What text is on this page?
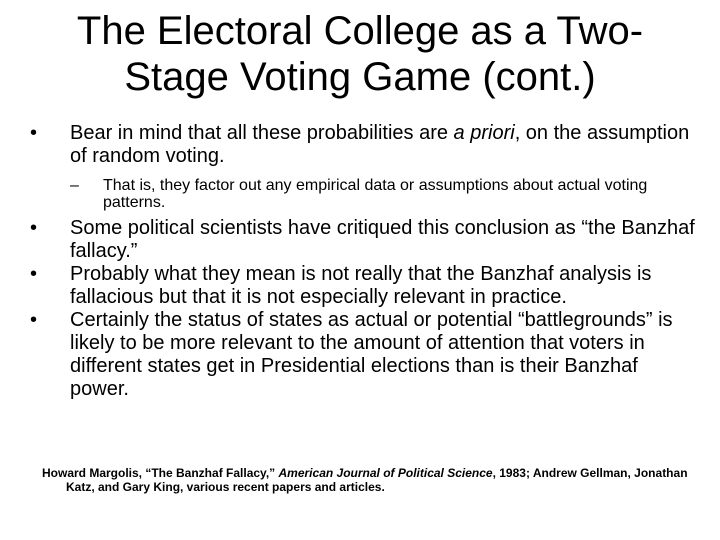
The Electoral College as a Two-Stage Voting Game (cont.)
• Bear in mind that all these probabilities are a priori, on the assumption of random voting.
– That is, they factor out any empirical data or assumptions about actual voting patterns.
• Some political scientists have critiqued this conclusion as “the Banzhaf fallacy.”
• Probably what they mean is not really that the Banzhaf analysis is fallacious but that it is not especially relevant in practice.
• Certainly the status of states as actual or potential “battlegrounds” is likely to be more relevant to the amount of attention that voters in different states get in Presidential elections than is their Banzhaf power.

Howard Margolis, “The Banzhaf Fallacy,” American Journal of Political Science, 1983; Andrew Gellman, Jonathan Katz, and Gary King, various recent papers and articles.
